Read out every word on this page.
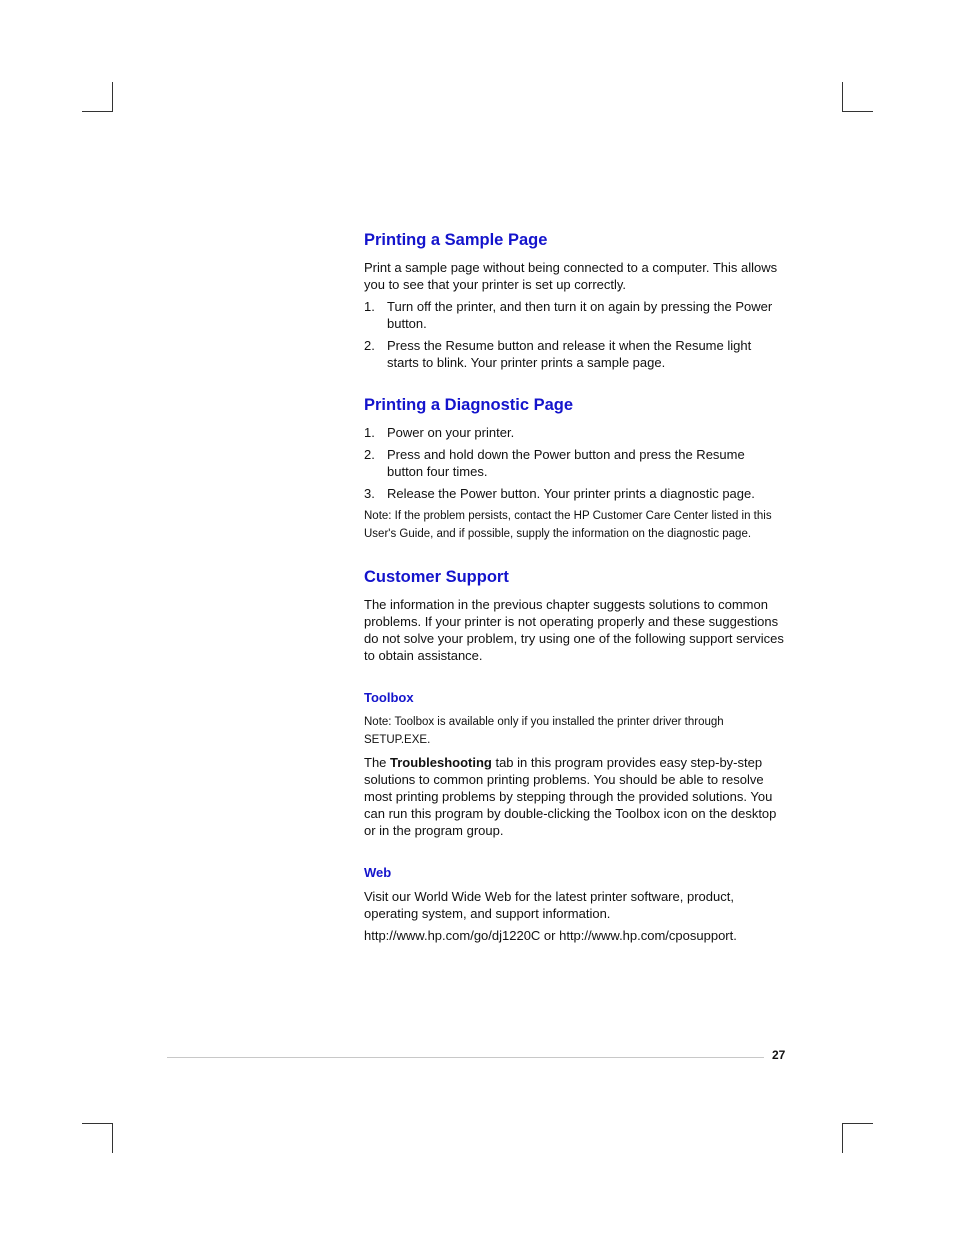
Printing a Sample Page

Print a sample page without being connected to a computer. This allows you to see that your printer is set up correctly.

1. Turn off the printer, and then turn it on again by pressing the Power button.
2. Press the Resume button and release it when the Resume light starts to blink. Your printer prints a sample page.
Printing a Diagnostic Page
1. Power on your printer.
2. Press and hold down the Power button and press the Resume button four times.
3. Release the Power button. Your printer prints a diagnostic page.

Note: If the problem persists, contact the HP Customer Care Center listed in this User's Guide, and if possible, supply the information on the diagnostic page.

Customer Support

The information in the previous chapter suggests solutions to common problems. If your printer is not operating properly and these suggestions do not solve your problem, try using one of the following support services to obtain assistance.

Toolbox

Note: Toolbox is available only if you installed the printer driver through SETUP.EXE.

The Troubleshooting tab in this program provides easy step-by-step solutions to common printing problems. You should be able to resolve most printing problems by stepping through the provided solutions. You can run this program by double-clicking the Toolbox icon on the desktop or in the program group.

Web

Visit our World Wide Web for the latest printer software, product, operating system, and support information.

http://www.hp.com/go/dj1220C or http://www.hp.com/cposupport.

27
